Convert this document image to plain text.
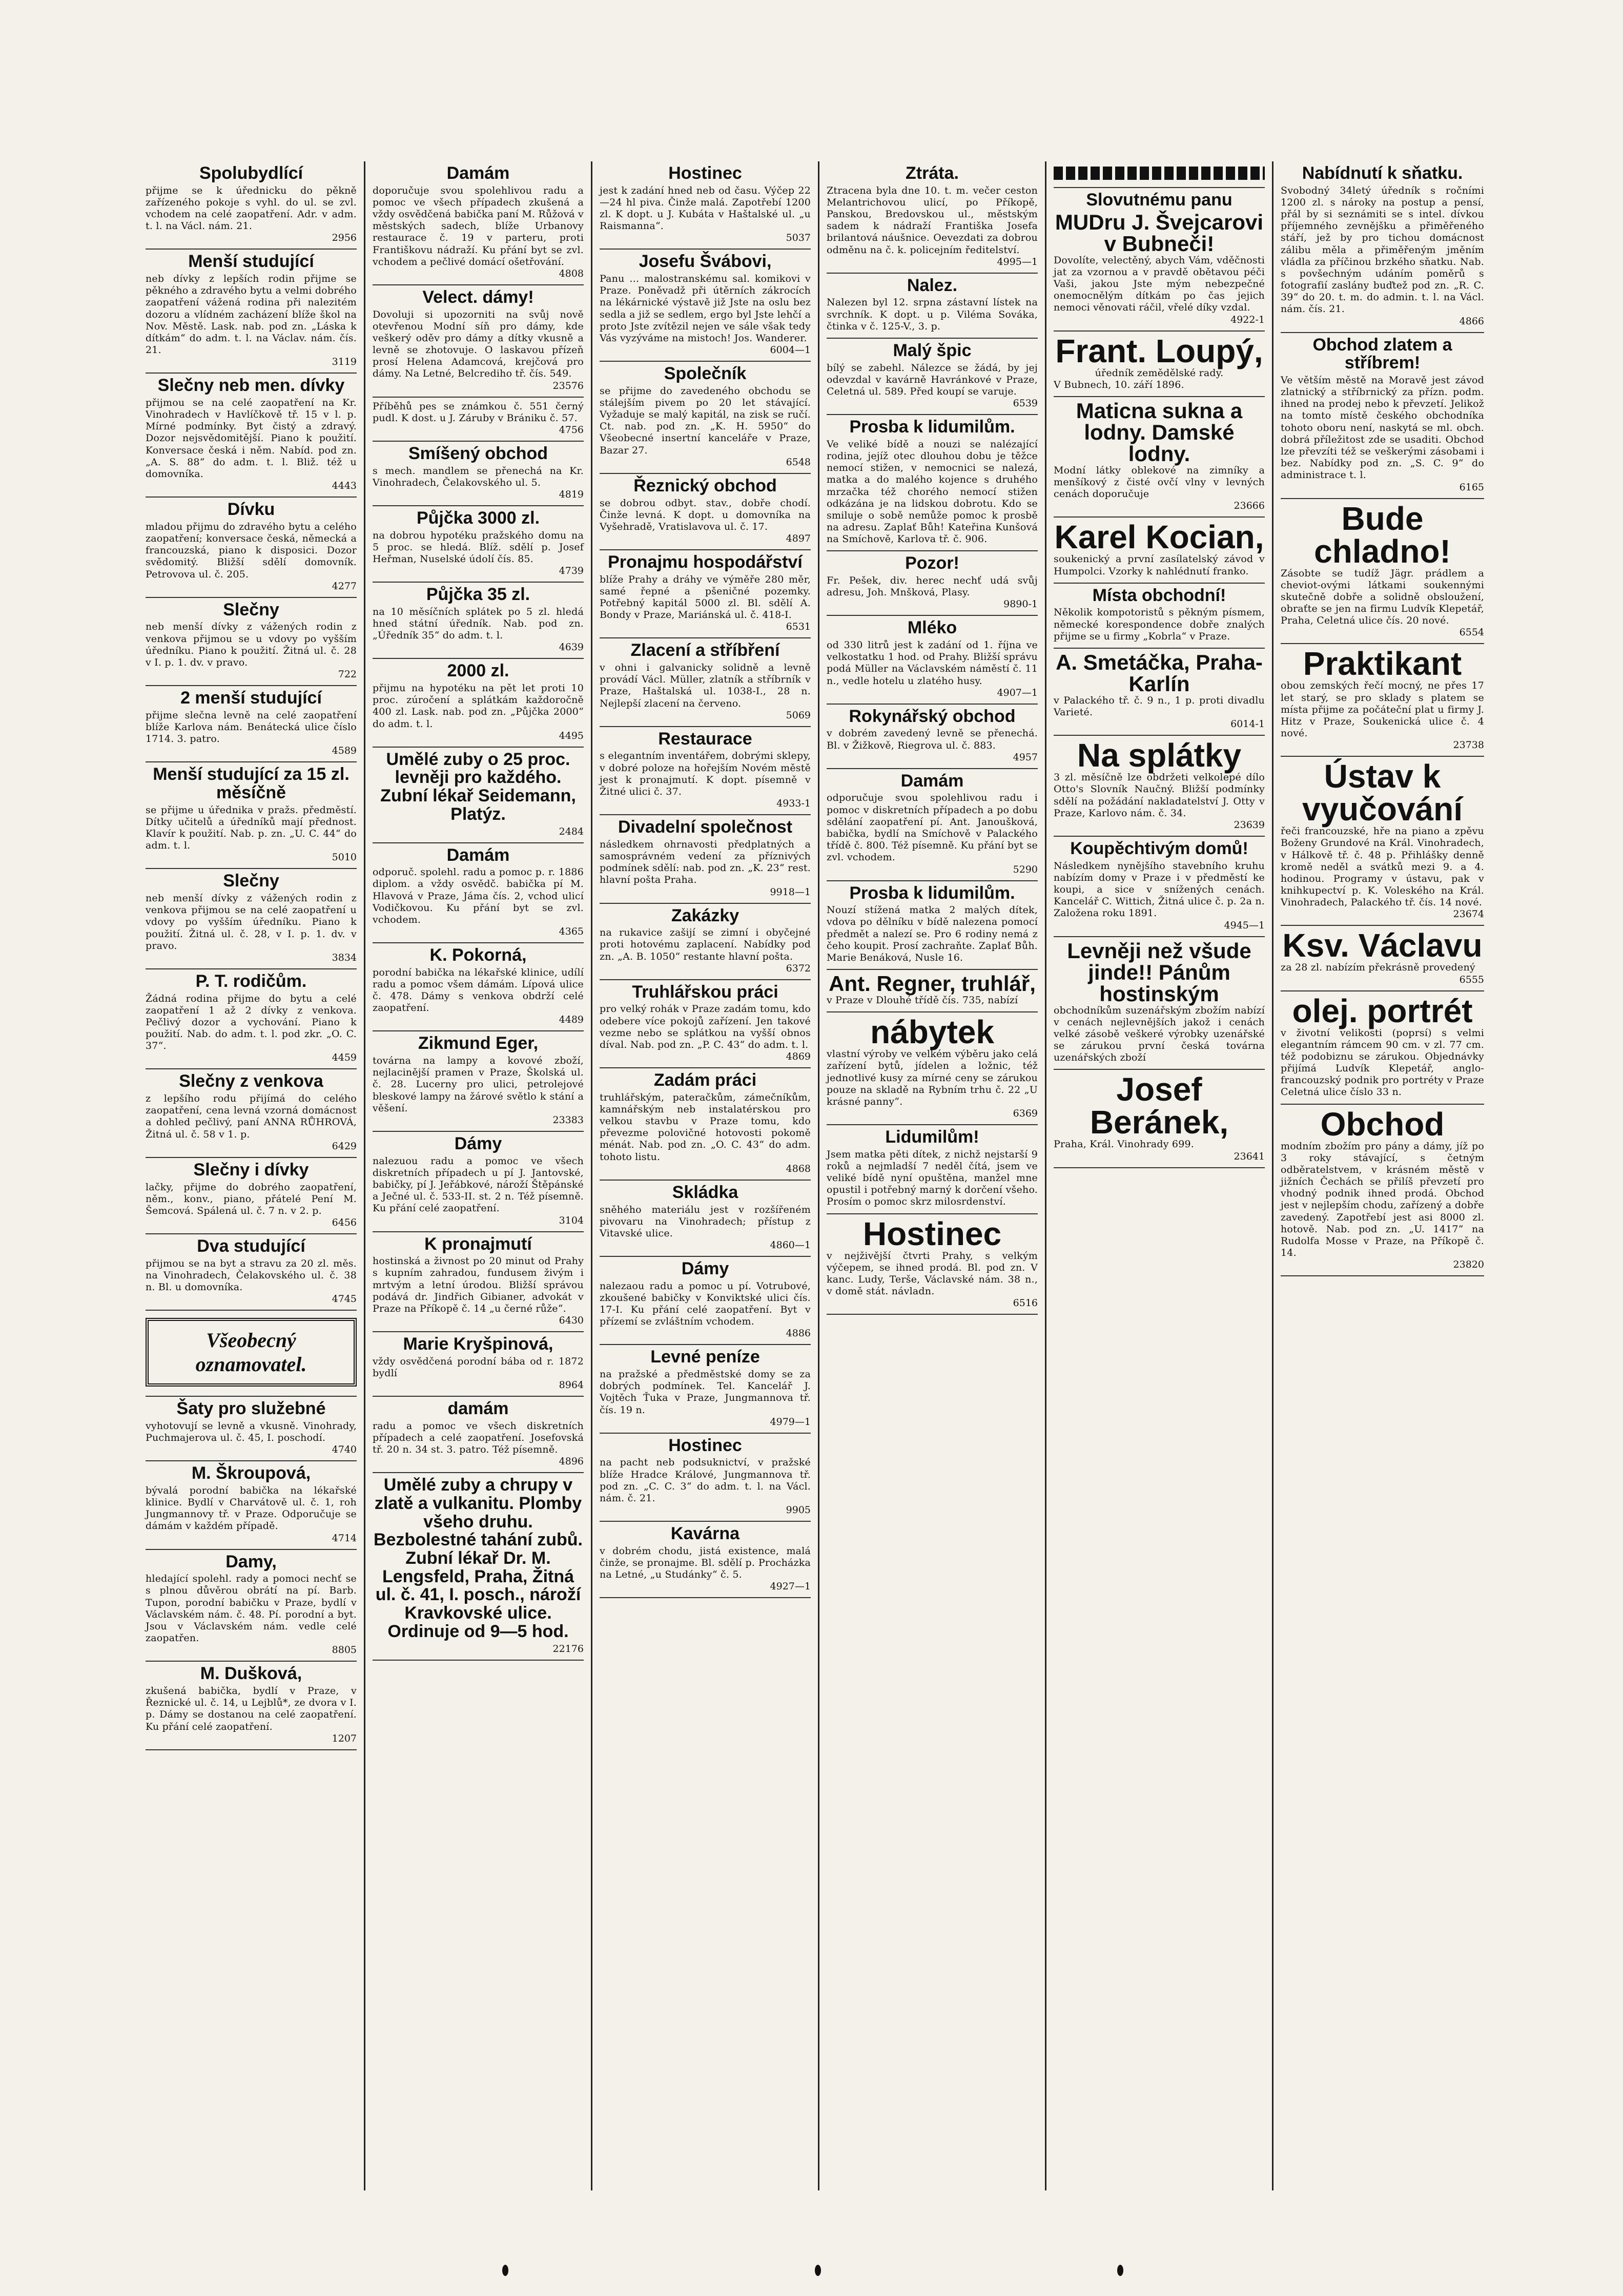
Spolubydlící

přijme se k úřednicku do pěkně zařízeného pokoje s vyhl. do ul. se zvl. vchodem na celé zaopatření. Adr. v adm. t. l. na Václ. nám. 21.

2956
Menší studující

neb dívky z lepších rodin přijme se pěkného a zdravého bytu a velmi dobrého zaopatření vážená rodina při nalezitém dozoru a vlídném zacházení blíže škol na Nov. Městě. Lask. nab. pod zn. „Láska k dítkám“ do adm. t. l. na Václav. nám. čís. 21.

3119
Slečny neb men. dívky

přijmou se na celé zaopatření na Kr. Vinohradech v Havlíčkově tř. 15 v l. p. Mírné podmínky. Byt čistý a zdravý. Dozor nejsvědomitější. Piano k použití. Konversace česká i něm. Nabíd. pod zn. „A. S. 88“ do adm. t. l. Bliž. též u domovníka.

4443
Dívku

mladou přijmu do zdravého bytu a celého zaopatření; konversace česká, německá a francouzská, piano k disposici. Dozor svědomitý. Bližší sdělí domovník. Petrovova ul. č. 205.

4277
Slečny

neb menší dívky z vážených rodin z venkova přijmou se u vdovy po vyšším úředníku. Piano k použití. Žitná ul. č. 28 v I. p. 1. dv. v pravo.

722
2 menší studující

přijme slečna levně na celé zaopatření blíže Karlova nám. Benátecká ulice číslo 1714. 3. patro.

4589
Menší studující za 15 zl. měsíčně

se přijme u úřednika v pražs. předměstí. Dítky učitelů a úředníků mají přednost. Klavír k použití. Nab. p. zn. „U. C. 44“ do adm. t. l.

5010
Slečny

neb menší dívky z vážených rodin z venkova přijmou se na celé zaopatření u vdovy po vyšším úředníku. Piano k použití. Žitná ul. č. 28, v I. p. 1. dv. v pravo.

3834
P. T. rodičům.

Žádná rodina přijme do bytu a celé zaopatření 1 až 2 dívky z venkova. Pečlivý dozor a vychování. Piano k použití. Nab. do adm. t. l. pod zkr. „O. C. 37“.

4459
Slečny z venkova

z lepšího rodu přijímá do celého zaopatření, cena levná vzorná domácnost a dohled pečlivý, paní ANNA RŮHROVÁ, Žitná ul. č. 58 v 1. p.

6429
Slečny i dívky

lačky, přijme do dobrého zaopatření, něm., konv., piano, přátelé Pení M. Šemcová. Spálená ul. č. 7 n. v 2. p.

6456
Dva studující

přijmou se na byt a stravu za 20 zl. měs. na Vinohradech, Čelakovského ul. č. 38 n. Bl. u domovníka.

4745
Všeobecný oznamovatel.
Šaty pro služebné

vyhotovují se levně a vkusně. Vinohrady, Puchmajerova ul. č. 45, I. poschodí.

4740
M. Škroupová,

bývalá porodní babička na lékařské klinice. Bydlí v Charvátově ul. č. 1, roh Jungmannovy tř. v Praze. Odporučuje se dámám v každém případě.

4714
Damy,

hledající spolehl. rady a pomoci nechť se s plnou důvěrou obrátí na pí. Barb. Tupon, porodní babičku v Praze, bydlí v Václavském nám. č. 48. Pí. porodní a byt. Jsou v Václavském nám. vedle celé zaopatřen.

8805
M. Dušková,

zkušená babička, bydlí v Praze, v Řeznické ul. č. 14, u Lejblů*, ze dvora v I. p. Dámy se dostanou na celé zaopatření. Ku přání celé zaopatření.

1207
Damám

doporučuje svou spolehlivou radu a pomoc ve všech případech zkušená a vždy osvědčená babička paní M. Růžová v městských sadech, blíže Urbanovy restaurace č. 19 v parteru, proti Františkovu nádraží. Ku přání byt se zvl. vchodem a pečlivé domácí ošetřování.

4808
Velect. dámy!

Dovoluji si upozorniti na svůj nově otevřenou Modní síň pro dámy, kde veškerý oděv pro dámy a dítky vkusně a levně se zhotovuje. O laskavou přízeň prosí Helena Adamcová, krejčová pro dámy. Na Letné, Belcrediho tř. čís. 549.

23576

Příběhů pes se známkou č. 551 černý pudl. K dost. u J. Záruby v Brániku č. 57.

4756
Smíšený obchod

s mech. mandlem se přenechá na Kr. Vinohradech, Čelakovského ul. 5.

4819
Půjčka 3000 zl.

na dobrou hypotéku pražského domu na 5 proc. se hledá. Blíž. sdělí p. Josef Heřman, Nuselské údolí čís. 85.

4739
Půjčka 35 zl.

na 10 měsíčních splátek po 5 zl. hledá hned státní úředník. Nab. pod zn. „Úředník 35“ do adm. t. l.

4639
2000 zl.

přijmu na hypotéku na pět let proti 10 proc. zúročení a splátkám každoročně 400 zl. Lask. nab. pod zn. „Půjčka 2000“ do adm. t. l.

4495
Umělé zuby o 25 proc. levněji pro každého. Zubní lékař Seidemann, Platýz.
2484
Damám

odporuč. spolehl. radu a pomoc p. r. 1886 diplom. a vždy osvědč. babička pí M. Hlavová v Praze, Jáma čís. 2, vchod ulicí Vodičkovou. Ku přání byt se zvl. vchodem.

4365
K. Pokorná,

porodní babička na lékařské klinice, udílí radu a pomoc všem dámám. Lípová ulice č. 478. Dámy s venkova obdrží celé zaopatření.

4489
Zikmund Eger,

továrna na lampy a kovové zboží, nejlacinější pramen v Praze, Školská ul. č. 28. Lucerny pro ulici, petrolejové bleskové lampy na žárové světlo k stání a věšení.

23383
Dámy

nalezuou radu a pomoc ve všech diskretních případech u pí J. Jantovské, babičky, pí J. Jeřábkové, nároží Štěpánské a Ječné ul. č. 533-II. st. 2 n. Též písemně. Ku přání celé zaopatření.

3104
K pronajmutí

hostinská a živnost po 20 minut od Prahy s kupním zahradou, fundusem živým i mrtvým a letní úrodou. Bližší správou podává dr. Jindřich Gibianer, advokát v Praze na Příkopě č. 14 „u černé růže“.

6430
Marie Kryšpinová,

vždy osvědčená porodní bába od r. 1872 bydlí

8964
damám

radu a pomoc ve všech diskretních případech a celé zaopatření. Josefovská tř. 20 n. 34 st. 3. patro. Též písemně.

4896
Umělé zuby a chrupy v zlatě a vulkanitu. Plomby všeho druhu. Bezbolestné tahání zubů. Zubní lékař Dr. M. Lengsfeld, Praha, Žitná ul. č. 41, I. posch., nároží Kravkovské ulice. Ordinuje od 9—5 hod.
22176
Hostinec

jest k zadání hned neb od času. Výčep 22—24 hl piva. Činže malá. Zapotřebí 1200 zl. K dopt. u J. Kubáta v Haštalské ul. „u Raismanna“.

5037
Josefu Švábovi,

Panu … malostranskému sal. komikovi v Praze. Poněvadž při útěrních zákrocích na lékárnické výstavě již Jste na oslu bez sedla a již se sedlem, ergo byl Jste lehčí a proto Jste zvítězil nejen ve sále však tedy Vás vyzýváme na mistoch! Jos. Wanderer.

6004—1
Společník

se přijme do zavedeného obchodu se stálejším pivem po 20 let stávající. Vyžaduje se malý kapitál, na zisk se ručí. Ct. nab. pod zn. „K. H. 5950“ do Všeobecné insertní kanceláře v Praze, Bazar 27.

6548
Řeznický obchod

se dobrou odbyt. stav., dobře chodí. Činže levná. K dopt. u domovníka na Vyšehradě, Vratislavova ul. č. 17.

4897
Pronajmu hospodářství

blíže Prahy a dráhy ve výměře 280 měr, samé řepné a pšeničné pozemky. Potřebný kapitál 5000 zl. Bl. sdělí A. Bondy v Praze, Mariánská ul. č. 418-I.

6531
Zlacení a stříbření

v ohni i galvanicky solidně a levně provádí Václ. Müller, zlatník a stříbrník v Praze, Haštalská ul. 1038-I., 28 n. Nejlepší zlacení na červeno.

5069
Restaurace

s elegantním inventářem, dobrými sklepy, v dobré poloze na hořejším Novém městě jest k pronajmutí. K dopt. písemně v Žitné ulici č. 37.

4933-1
Divadelní společnost

následkem ohrnavosti předplatných a samosprávném vedení za příznivých podmínek sdělí: nab. pod zn. „K. 23“ rest. hlavní pošta Praha.

9918—1
Zakázky

na rukavice zašijí se zimní i obyčejné proti hotovému zaplacení. Nabídky pod zn. „A. B. 1050“ restante hlavní pošta.

6372
Truhlářskou práci

pro velký rohák v Praze zadám tomu, kdo odebere více pokojů zařízení. Jen takové vezme nebo se splátkou na vyšší obnos díval. Nab. pod zn. „P. C. 43“ do adm. t. l.

4869
Zadám práci

truhlářským, pateračkům, zámečníkům, kamnářským neb instalatérskou pro velkou stavbu v Praze tomu, kdo převezme polovičné hotovosti pokomě ménát. Nab. pod zn. „O. C. 43“ do adm. tohoto listu.

4868
Skládka

sněhého materiálu jest v rozšířeném pivovaru na Vinohradech; přístup z Vitavské ulice.

4860—1
Dámy

nalezaou radu a pomoc u pí. Votrubové, zkoušené babičky v Konviktské ulici čís. 17-I. Ku přání celé zaopatření. Byt v přízemí se zvláštním vchodem.

4886
Levné peníze

na pražské a předměstské domy se za dobrých podmínek. Tel. Kancelář J. Vojtěch Ťuka v Praze, Jungmannova tř. čís. 19 n.

4979—1
Hostinec

na pacht neb podsuknictví, v pražské blíže Hradce Králové, Jungmannova tř. pod zn. „C. C. 3“ do adm. t. l. na Václ. nám. č. 21.

9905
Kavárna

v dobrém chodu, jistá existence, malá činže, se pronajme. Bl. sdělí p. Procházka na Letné, „u Studánky“ č. 5.

4927—1
Ztráta.

Ztracena byla dne 10. t. m. večer ceston Melantrichovou ulicí, po Příkopě, Panskou, Bredovskou ul., městským sadem k nádraží Františka Josefa brilantová náušnice. Oevezdati za dobrou odměnu na č. k. policejním ředitelství.

4995—1
Nalez.

Nalezen byl 12. srpna zástavní lístek na svrchník. K dopt. u p. Viléma Sováka, čtinka v č. 125-V., 3. p.

Malý špic

bílý se zabehl. Nálezce se žádá, by jej odevzdal v kavárně Havránkové v Praze, Celetná ul. 589. Před koupí se varuje.

6539
Prosba k lidumilům.

Ve veliké bídě a nouzi se nalézající rodina, jejíž otec dlouhou dobu je těžce nemocí stižen, v nemocnici se nalezá, matka a do malého kojence s druhého mrzačka též chorého nemocí stižen odkázána je na lidskou dobrotu. Kdo se smiluje o sobě nemůže pomoc k prosbě na adresu. Zaplať Bůh! Kateřina Kunšová na Smíchově, Karlova tř. č. 906.

Pozor!

Fr. Pešek, div. herec nechť udá svůj adresu, Joh. Mnšková, Plasy.

9890-1
Mléko

od 330 litrů jest k zadání od 1. října ve velkostatku 1 hod. od Prahy. Bližší správu podá Müller na Václavském náměstí č. 11 n., vedle hotelu u zlatého husy.

4907—1
Rokynářský obchod

v dobrém zavedený levně se přenechá. Bl. v Žižkově, Riegrova ul. č. 883.

4957
Damám

odporučuje svou spolehlivou radu i pomoc v diskretních případech a po dobu sdělání zaopatření pí. Ant. Janoušková, babička, bydlí na Smíchově v Palackého třídě č. 800. Též písemně. Ku přání byt se zvl. vchodem.

5290
Prosba k lidumilům.

Nouzí stížená matka 2 malých dítek, vdova po dělníku v bídě nalezena pomocí předmět a nalezí se. Pro 6 rodiny nemá z čeho koupit. Prosí zachraňte. Zaplať Bůh. Marie Benáková, Nusle 16.

Ant. Regner, truhlář,

v Praze v Dlouhé třídě čís. 735, nabízí

nábytek

vlastní výroby ve velkém výběru jako celá zařízení bytů, jídelen a ložnic, též jednotlivé kusy za mírné ceny se zárukou pouze na skladě na Rybním trhu č. 22 „U krásné panny“.

6369
Lidumilům!

Jsem matka pěti dítek, z nichž nejstarší 9 roků a nejmladší 7 neděl čítá, jsem ve veliké bídě nyní opuštěna, manžel mne opustil i potřebný marný k dorčení všeho. Prosím o pomoc skrz milosrdenství.

Hostinec

v nejživější čtvrti Prahy, s velkým výčepem, se ihned prodá. Bl. pod zn. V kanc. Ludy, Terše, Václavské nám. 38 n., v domě stát. návladn.

6516
Slovutnému panu
MUDru J. Švejcarovi v Bubneči!

Dovolíte, velectěný, abych Vám, vděčnosti jat za vzornou a v pravdě obětavou péči Vaši, jakou Jste mým nebezpečné onemocnělým dítkám po čas jejich nemoci věnovati ráčil, vřelé díky vzdal.

4922-1
Frant. Loupý,

úředník zemědělské rady.

V Bubnech, 10. září 1896.

Maticna sukna a lodny. Damské lodny.

Modní látky oblekové na zimníky a menšíkový z čisté ovčí vlny v levných cenách doporučuje

23666
Karel Kocian,

soukenický a první zasílatelský závod v Humpolci. Vzorky k nahlédnutí franko.

Místa obchodní!

Několik kompotoristů s pěkným písmem, německé korespondence dobře znalých přijme se u firmy „Kobrla“ v Praze.

A. Smetáčka, Praha-Karlín

v Palackého tř. č. 9 n., 1 p. proti divadlu Varieté.

6014-1
Na splátky

3 zl. měsíčně lze obdržeti velkolepé dílo Otto's Slovník Naučný. Bližší podmínky sdělí na požádání nakladatelství J. Otty v Praze, Karlovo nám. č. 34.

23639
Koupěchtivým domů!

Následkem nynějšího stavebního kruhu nabízím domy v Praze i v předměstí ke koupi, a sice v snížených cenách. Kancelář C. Wittich, Žitná ulice č. p. 2a n. Založena roku 1891.

4945—1
Levněji než všude jinde!! Pánům hostinským

obchodníkům suzenářským zbožím nabízí v cenách nejlevnějších jakož i cenách velké zásobě veškeré výrobky uzenářské se zárukou první česká továrna uzenářských zboží

Josef Beránek,

Praha, Král. Vinohrady 699.

23641
Nabídnutí k sňatku.

Svobodný 34letý úředník s ročními 1200 zl. s nároky na postup a pensí, přál by si seznámiti se s intel. dívkou příjemného zevnějšku a přiměřeného stáří, jež by pro tichou domácnost zálibu měla a přiměřeným jměním vládla za příčinou brzkého sňatku. Nab. s povšechným udáním poměrů s fotografií zaslány buďtež pod zn. „R. C. 39“ do 20. t. m. do admin. t. l. na Václ. nám. čís. 21.

4866
Obchod zlatem a stříbrem!

Ve větším městě na Moravě jest závod zlatnický a stříbrnický za přízn. podm. ihned na prodej nebo k převzetí. Jelikož na tomto místě českého obchodníka tohoto oboru není, naskytá se ml. obch. dobrá příležitost zde se usaditi. Obchod lze převzíti též se veškerými zásobami i bez. Nabídky pod zn. „S. C. 9“ do administrace t. l.

6165
Bude chladno!

Zásobte se tudíž Jägr. prádlem a cheviot-ovými látkami soukennými skutečně dobře a solidně obsloužení, obraťte se jen na firmu Ludvík Klepetář, Praha, Celetná ulice čís. 20 nové.

6554
Praktikant

obou zemských řečí mocný, ne přes 17 let starý, se pro sklady s platem se místa přijme za počáteční plat u firmy J. Hitz v Praze, Soukenická ulice č. 4 nové.

23738
Ústav k vyučování

řeči francouzské, hře na piano a zpěvu Boženy Grundové na Král. Vinohradech, v Hálkově tř. č. 48 p. Přihlášky denně kromě neděl a svátků mezi 9. a 4. hodinou. Programy v ústavu, pak v knihkupectví p. K. Voleského na Král. Vinohradech, Palackého tř. čís. 14 nové.

23674
Ksv. Václavu

za 28 zl. nabízím překrásně provedený

6555
olej. portrét

v životní velikosti (poprsí) s velmi elegantním rámcem 90 cm. v zl. 77 cm. též podobiznu se zárukou. Objednávky přijímá Ludvík Klepetář, anglo-francouzský podnik pro portréty v Praze Celetná ulice číslo 33 n.

Obchod

modním zbožím pro pány a dámy, jíž po 3 roky stávající, s četným odběratelstvem, v krásném městě v jižních Čechách se přilíš převzetí pro vhodný podnik ihned prodá. Obchod jest v nejlepším chodu, zařízený a dobře zavedený. Zapotřebí jest asi 8000 zl. hotově. Nab. pod zn. „U. 1417“ na Rudolfa Mosse v Praze, na Příkopě č. 14.

23820
